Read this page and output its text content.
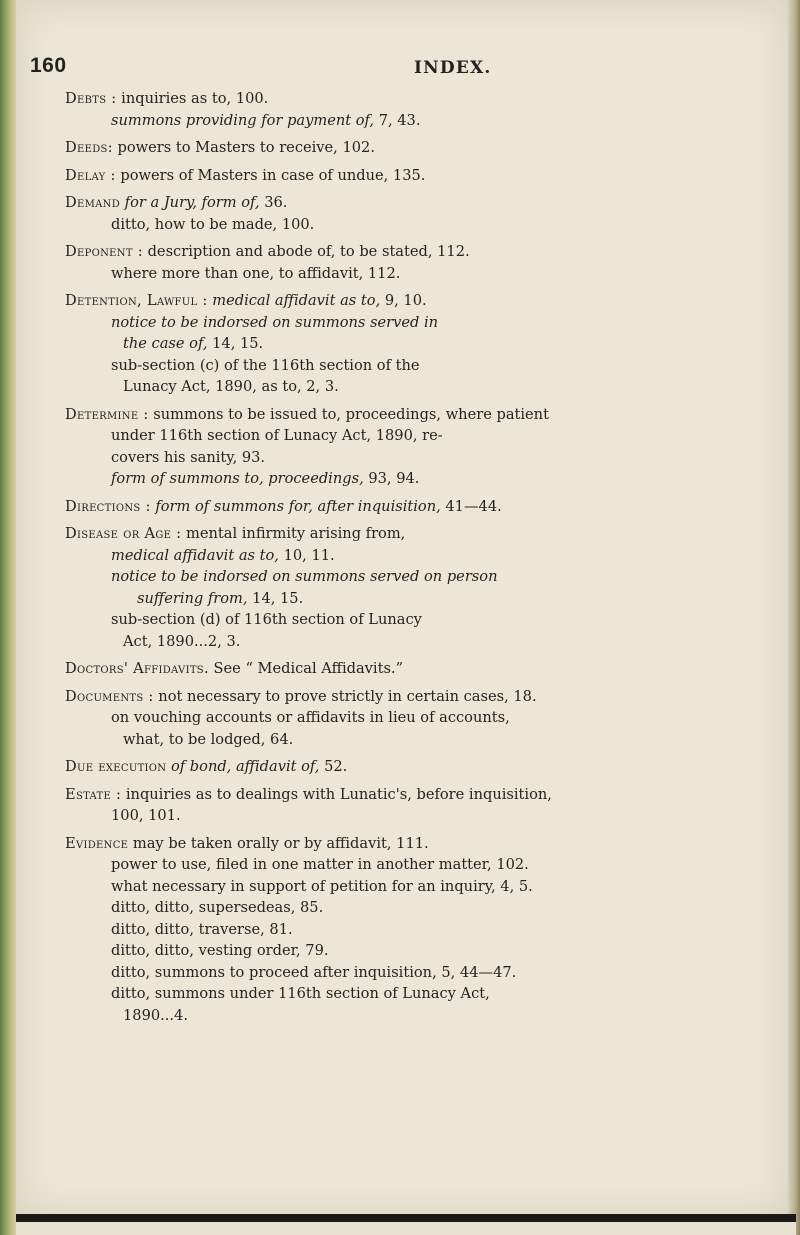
160	INDEX.
Debts : inquiries as to, 100.
summons providing for payment of, 7, 43.
Deeds: powers to Masters to receive, 102.
Delay : powers of Masters in case of undue, 135.
Demand for a Jury, form of, 36.
ditto, how to be made, 100.
Deponent : description and abode of, to be stated, 112.
where more than one, to affidavit, 112.
Detention, Lawful : medical affidavit as to, 9, 10.
notice to be indorsed on summons served in
the case of, 14, 15.
sub-section (c) of the 116th section of the
Lunacy Act, 1890, as to, 2, 3.
Determine : summons to be issued to, proceedings, where patient
under 116th section of Lunacy Act, 1890, re-
covers his sanity, 93.
form of summons to, proceedings, 93, 94.
Directions : form of summons for, after inquisition, 41—44.
Disease or Age : mental infirmity arising from,
medical affidavit as to, 10, 11.
notice to be indorsed on summons served on person
suffering from, 14, 15.
sub-section (d) of 116th section of Lunacy
Act, 1890...2, 3.
Doctors' Affidavits. See “ Medical Affidavits.”
Documents : not necessary to prove strictly in certain cases, 18.
on vouching accounts or affidavits in lieu of accounts,
what, to be lodged, 64.
Due execution of bond, affidavit of, 52.
Estate : inquiries as to dealings with Lunatic's, before inquisition,
100, 101.
Evidence may be taken orally or by affidavit, 111.
power to use, filed in one matter in another matter, 102.
what necessary in support of petition for an inquiry, 4, 5.
ditto, ditto, supersedeas, 85.
ditto, ditto, traverse, 81.
ditto, ditto, vesting order, 79.
ditto, summons to proceed after inquisition, 5, 44—47.
ditto, summons under 116th section of Lunacy Act,
1890...4.
